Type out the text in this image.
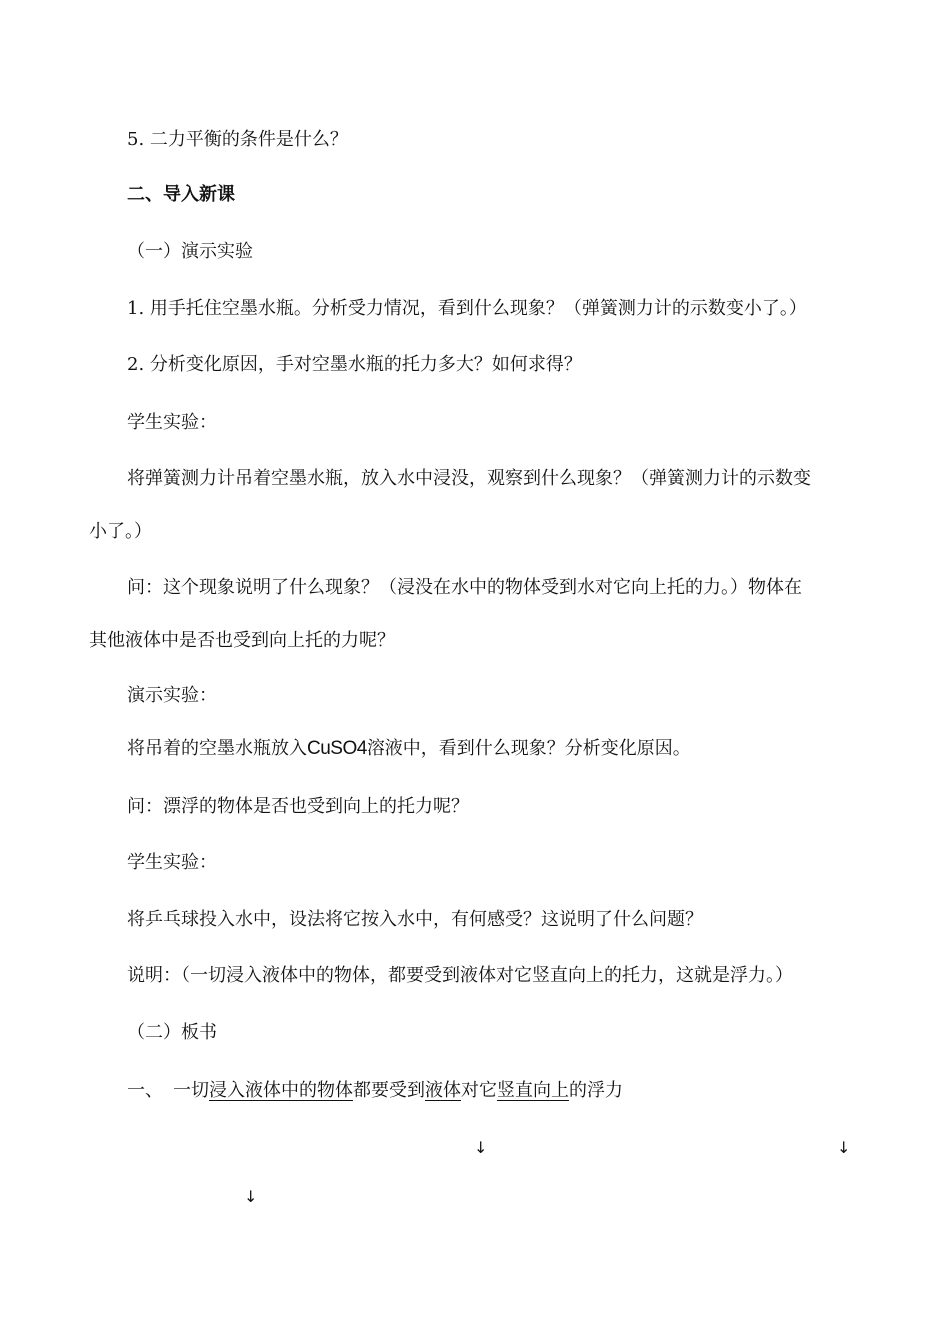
5. 二力平衡的条件是什么？
二、导入新课
（一）演示实验
1. 用手托住空墨水瓶。分析受力情况，看到什么现象？（弹簧测力计的示数变小了。）
2. 分析变化原因，手对空墨水瓶的托力多大？如何求得？
学生实验：
将弹簧测力计吊着空墨水瓶，放入水中浸没，观察到什么现象？（弹簧测力计的示数变
小了。）
问：这个现象说明了什么现象？（浸没在水中的物体受到水对它向上托的力。）物体在
其他液体中是否也受到向上托的力呢？
演示实验：
将吊着的空墨水瓶放入CuSO4溶液中，看到什么现象？分析变化原因。
问：漂浮的物体是否也受到向上的托力呢？
学生实验：
将乒乓球投入水中，设法将它按入水中，有何感受？这说明了什么问题？
说明：（一切浸入液体中的物体，都要受到液体对它竖直向上的托力，这就是浮力。）
（二）板书
一、 一切浸入液体中的物体都要受到液体对它竖直向上的浮力
↓	↓
↓
